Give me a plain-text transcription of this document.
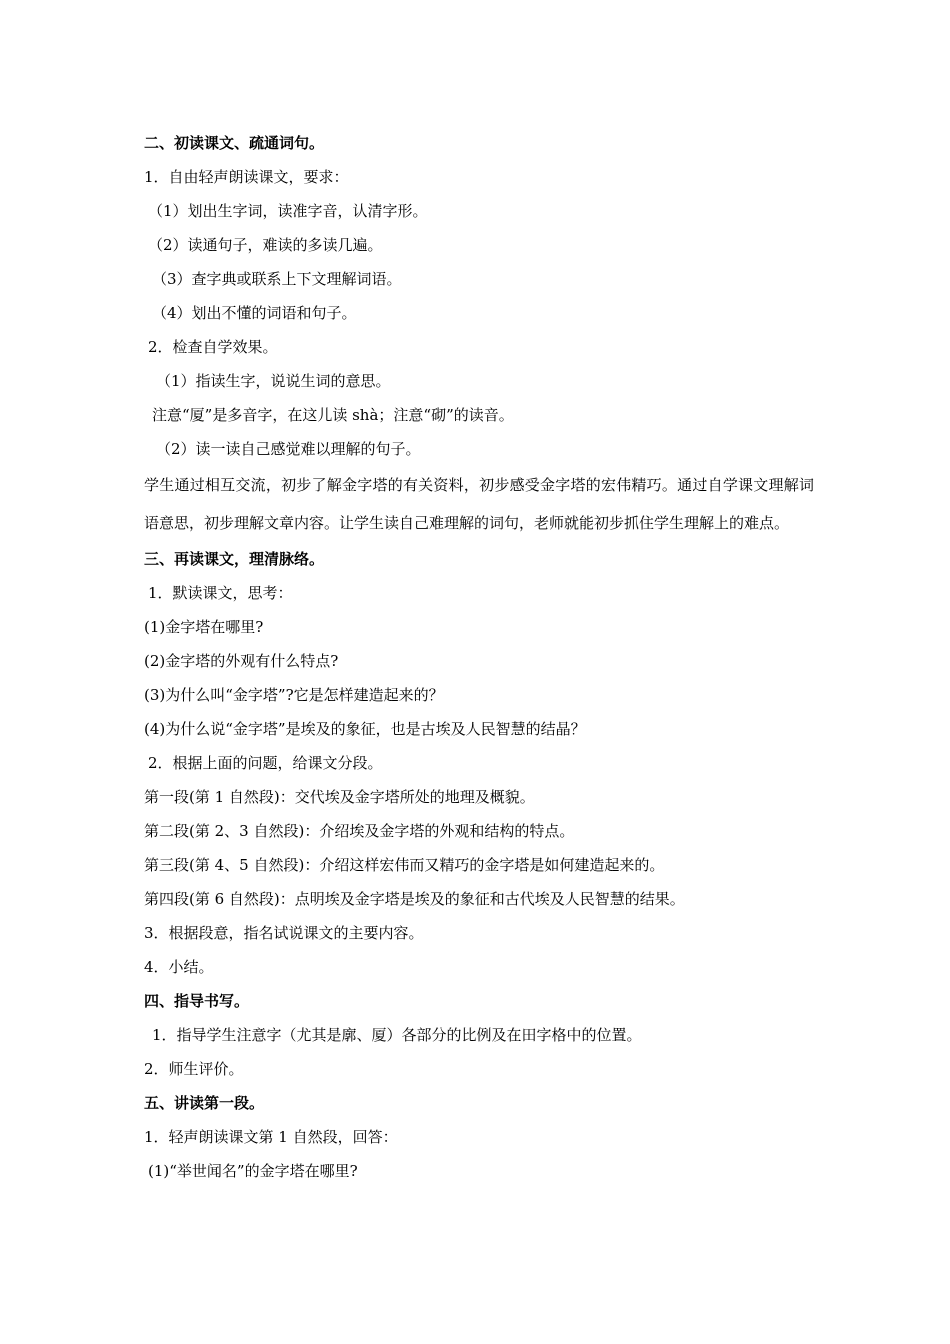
二、初读课文、疏通词句。
1．自由轻声朗读课文，要求：
（1）划出生字词，读准字音，认清字形。
（2）读通句子，难读的多读几遍。
（3）查字典或联系上下文理解词语。
（4）划出不懂的词语和句子。
2．检查自学效果。
（1）指读生字，说说生词的意思。
注意“厦”是多音字，在这儿读 shà；注意“砌”的读音。
（2）读一读自己感觉难以理解的句子。
学生通过相互交流，初步了解金字塔的有关资料，初步感受金字塔的宏伟精巧。通过自学课文理解词语意思，初步理解文章内容。让学生读自己难理解的词句，老师就能初步抓住学生理解上的难点。
三、再读课文，理清脉络。
1．默读课文，思考：
(1)金字塔在哪里?
(2)金字塔的外观有什么特点?
(3)为什么叫“金字塔”?它是怎样建造起来的？
(4)为什么说“金字塔”是埃及的象征，也是古埃及人民智慧的结晶？
2．根据上面的问题，给课文分段。
第一段(第 1 自然段)：交代埃及金字塔所处的地理及概貌。
第二段(第 2、3 自然段)：介绍埃及金字塔的外观和结构的特点。
第三段(第 4、5 自然段)：介绍这样宏伟而又精巧的金字塔是如何建造起来的。
第四段(第 6 自然段)：点明埃及金字塔是埃及的象征和古代埃及人民智慧的结果。
3．根据段意，指名试说课文的主要内容。
4．小结。
四、指导书写。
1．指导学生注意字（尤其是廓、厦）各部分的比例及在田字格中的位置。
2．师生评价。
五、讲读第一段。
1．轻声朗读课文第 1 自然段，回答：
(1)“举世闻名”的金字塔在哪里?
